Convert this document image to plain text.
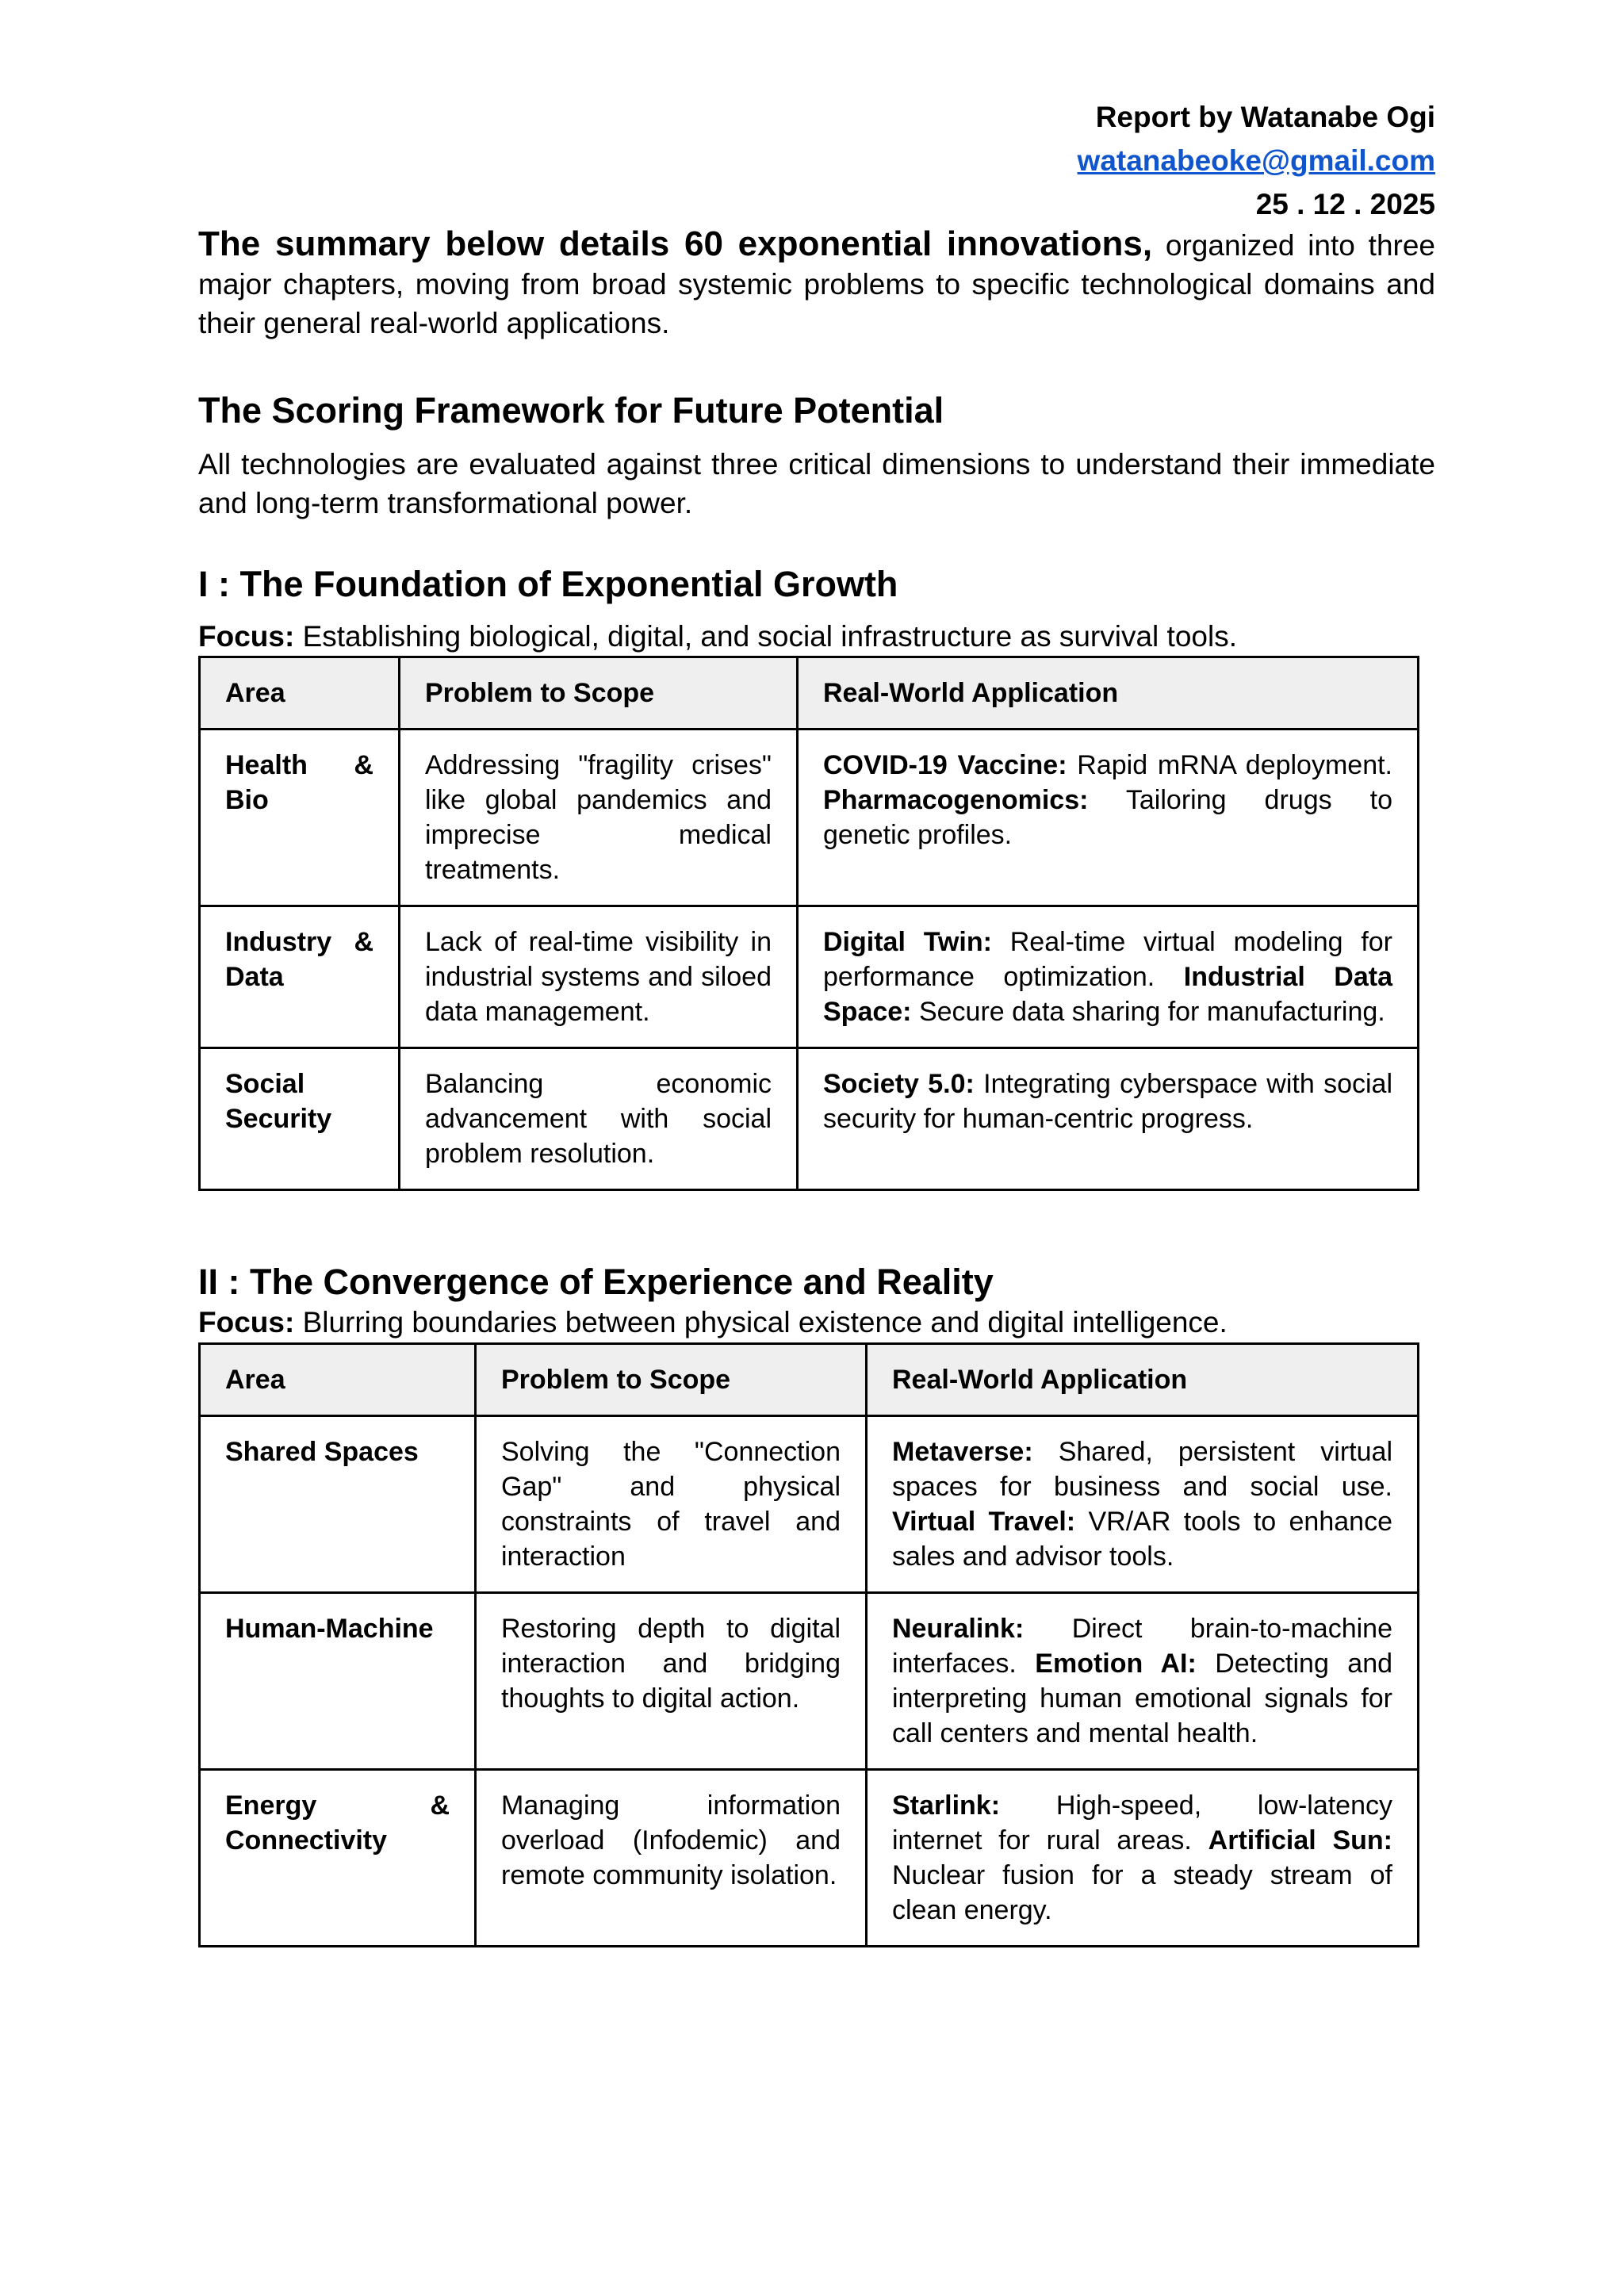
Report by Watanabe Ogi
watanabeoke@gmail.com
25 . 12 . 2025
The summary below details 60 exponential innovations, organized into three major chapters, moving from broad systemic problems to specific technological domains and their general real-world applications.
The Scoring Framework for Future Potential
All technologies are evaluated against three critical dimensions to understand their immediate and long-term transformational power.
I : The Foundation of Exponential Growth
Focus: Establishing biological, digital, and social infrastructure as survival tools.
Area	Problem to Scope	Real-World Application
Health & Bio	Addressing "fragility crises" like global pandemics and imprecise medical treatments.	COVID-19 Vaccine: Rapid mRNA deployment. Pharmacogenomics: Tailoring drugs to genetic profiles.
Industry & Data	Lack of real-time visibility in industrial systems and siloed data management.	Digital Twin: Real-time virtual modeling for performance optimization. Industrial Data Space: Secure data sharing for manufacturing.
Social Security	Balancing economic advancement with social problem resolution.	Society 5.0: Integrating cyberspace with social security for human-centric progress.
II : The Convergence of Experience and Reality
Focus: Blurring boundaries between physical existence and digital intelligence.
Area	Problem to Scope	Real-World Application
Shared Spaces	Solving the "Connection Gap" and physical constraints of travel and interaction	Metaverse: Shared, persistent virtual spaces for business and social use. Virtual Travel: VR/AR tools to enhance sales and advisor tools.
Human-Machine	Restoring depth to digital interaction and bridging thoughts to digital action.	Neuralink: Direct brain-to-machine interfaces. Emotion AI: Detecting and interpreting human emotional signals for call centers and mental health.
Energy & Connectivity	Managing information overload (Infodemic) and remote community isolation.	Starlink: High-speed, low-latency internet for rural areas. Artificial Sun: Nuclear fusion for a steady stream of clean energy.
